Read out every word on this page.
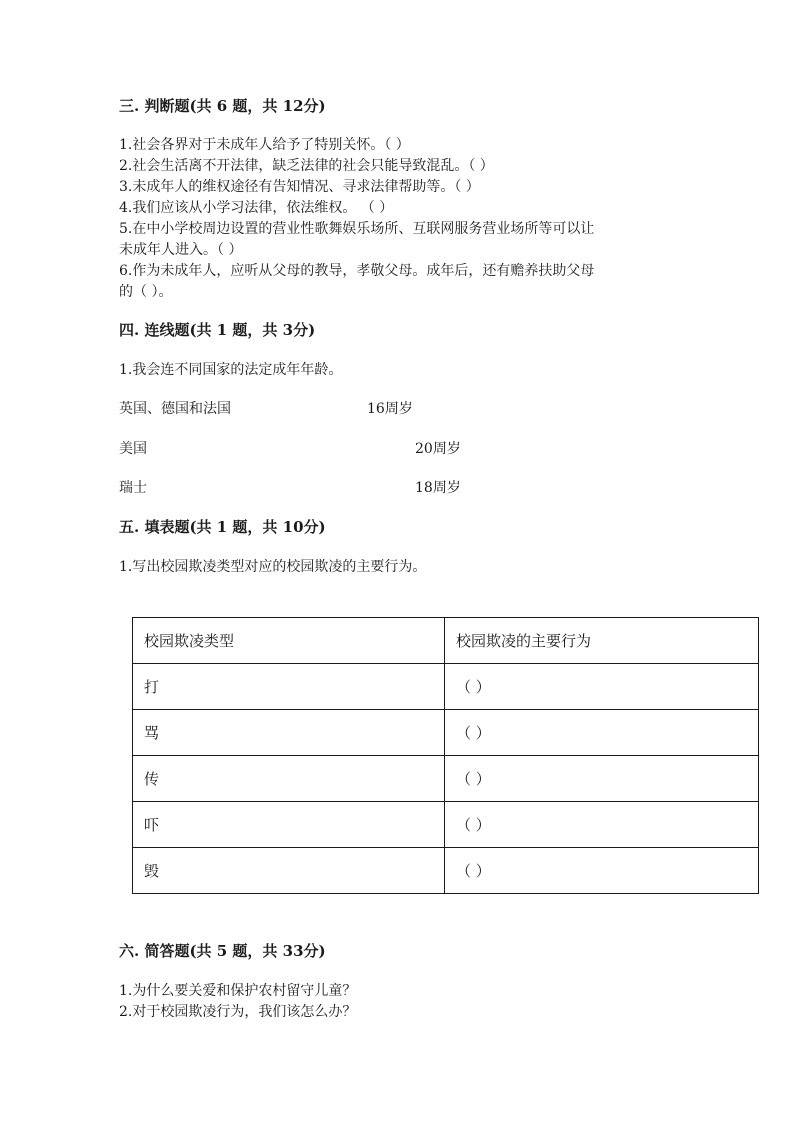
三. 判断题(共 6 题，共 12分)
1.社会各界对于未成年人给予了特别关怀。（ ）
2.社会生活离不开法律，缺乏法律的社会只能导致混乱。（ ）
3.未成年人的维权途径有告知情况、寻求法律帮助等。（ ）
4.我们应该从小学习法律，依法维权。 （ ）
5.在中小学校周边设置的营业性歌舞娱乐场所、互联网服务营业场所等可以让
未成年人进入。（ ）
6.作为未成年人，应听从父母的教导，孝敬父母。成年后，还有赡养扶助父母
的（ ）。
四. 连线题(共 1 题，共 3分)
1.我会连不同国家的法定成年年龄。
英国、德国和法国	16周岁
美国	20周岁
瑞士	18周岁
五. 填表题(共 1 题，共 10分)
1.写出校园欺凌类型对应的校园欺凌的主要行为。
校园欺凌类型	校园欺凌的主要行为
打	（ ）
骂	（ ）
传	（ ）
吓	（ ）
毁	（ ）
六. 简答题(共 5 题，共 33分)
1.为什么要关爱和保护农村留守儿童？
2.对于校园欺凌行为，我们该怎么办？
